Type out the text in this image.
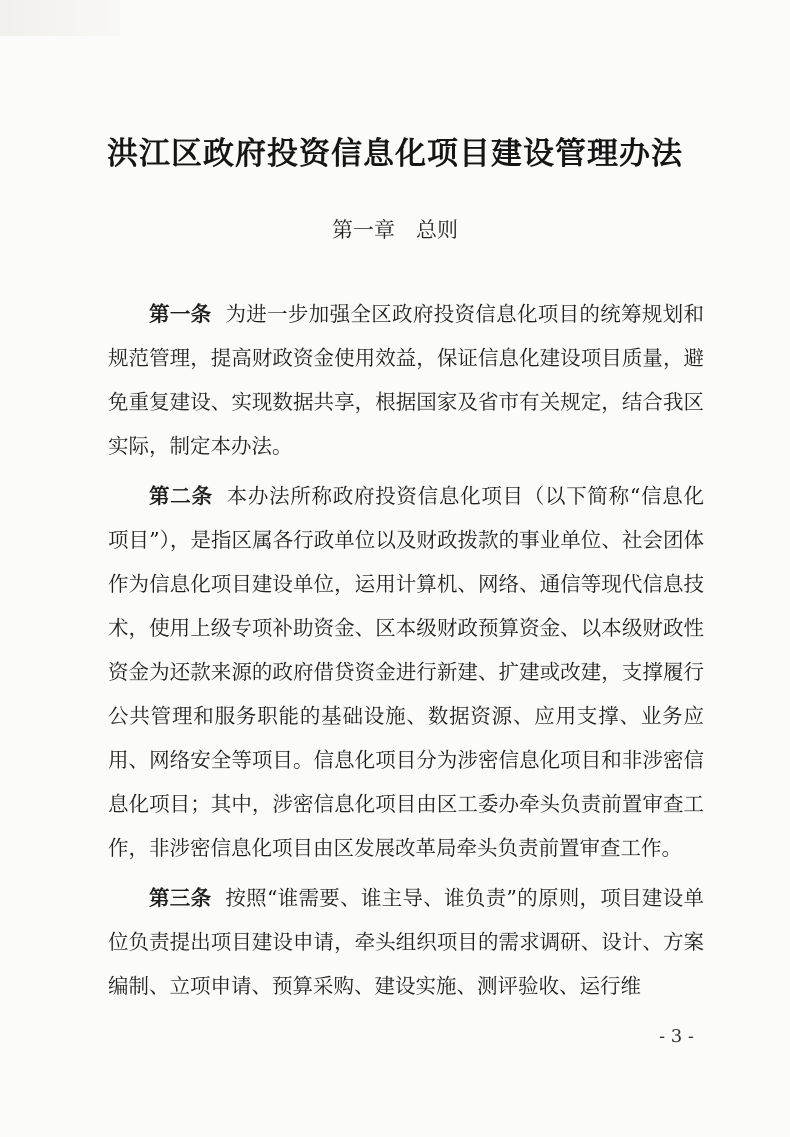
洪江区政府投资信息化项目建设管理办法
第一章　总则

第一条 为进一步加强全区政府投资信息化项目的统筹规划和规范管理，提高财政资金使用效益，保证信息化建设项目质量，避免重复建设、实现数据共享，根据国家及省市有关规定，结合我区实际，制定本办法。

第二条 本办法所称政府投资信息化项目（以下简称“信息化项目”），是指区属各行政单位以及财政拨款的事业单位、社会团体作为信息化项目建设单位，运用计算机、网络、通信等现代信息技术，使用上级专项补助资金、区本级财政预算资金、以本级财政性资金为还款来源的政府借贷资金进行新建、扩建或改建，支撑履行公共管理和服务职能的基础设施、数据资源、应用支撑、业务应用、网络安全等项目。信息化项目分为涉密信息化项目和非涉密信息化项目；其中，涉密信息化项目由区工委办牵头负责前置审查工作，非涉密信息化项目由区发展改革局牵头负责前置审查工作。

第三条 按照“谁需要、谁主导、谁负责”的原则，项目建设单位负责提出项目建设申请，牵头组织项目的需求调研、设计、方案编制、立项申请、预算采购、建设实施、测评验收、运行维

- 3 -
